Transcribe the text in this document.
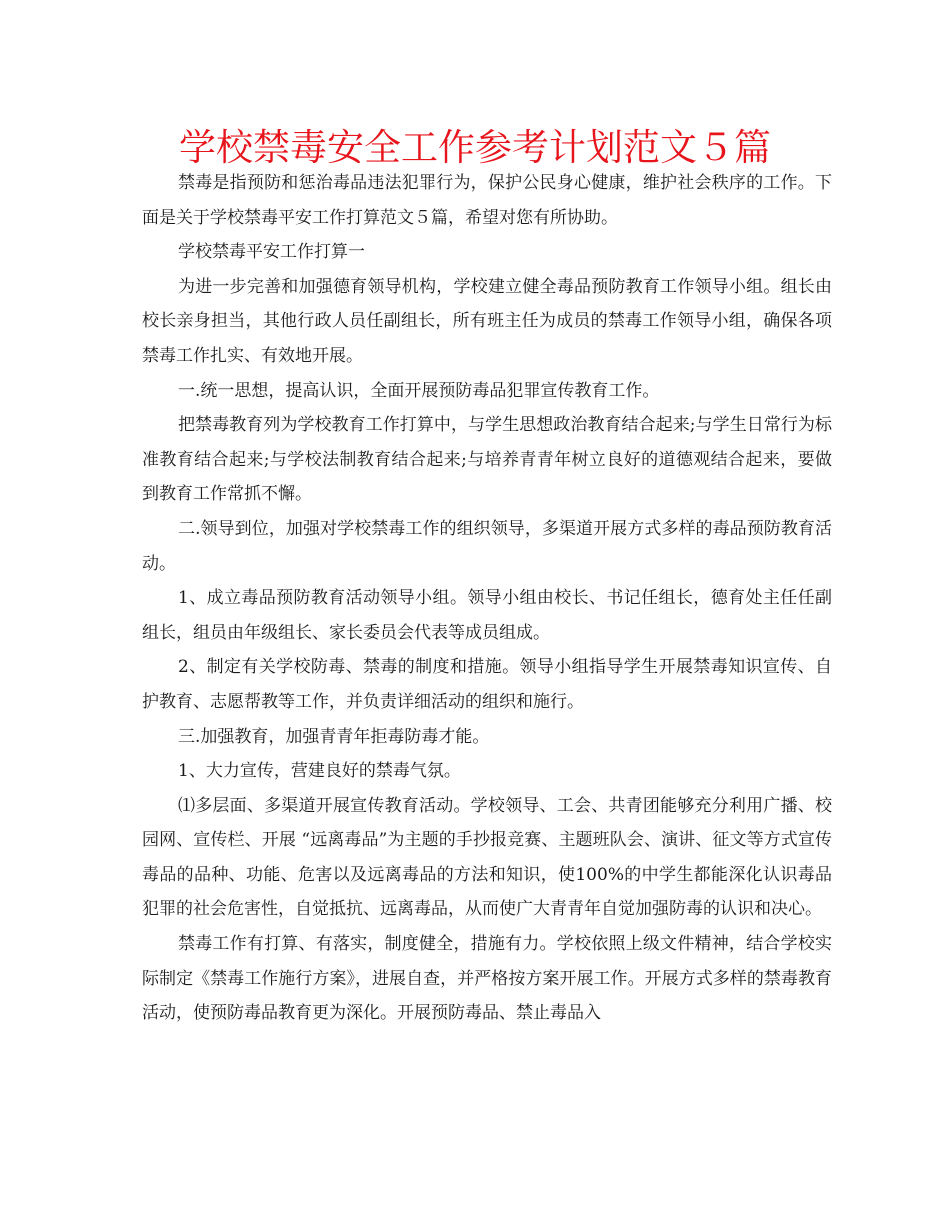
学校禁毒安全工作参考计划范文５篇

禁毒是指预防和惩治毒品违法犯罪行为，保护公民身心健康，维护社会秩序的工作。下面是关于学校禁毒平安工作打算范文５篇，希望对您有所协助。

学校禁毒平安工作打算一

为进一步完善和加强德育领导机构，学校建立健全毒品预防教育工作领导小组。组长由校长亲身担当，其他行政人员任副组长，所有班主任为成员的禁毒工作领导小组，确保各项禁毒工作扎实、有效地开展。

一.统一思想，提高认识，全面开展预防毒品犯罪宣传教育工作。

把禁毒教育列为学校教育工作打算中，与学生思想政治教育结合起来;与学生日常行为标准教育结合起来;与学校法制教育结合起来;与培养青青年树立良好的道德观结合起来，要做到教育工作常抓不懈。

二.领导到位，加强对学校禁毒工作的组织领导，多渠道开展方式多样的毒品预防教育活动。

1、成立毒品预防教育活动领导小组。领导小组由校长、书记任组长，德育处主任任副组长，组员由年级组长、家长委员会代表等成员组成。

2、制定有关学校防毒、禁毒的制度和措施。领导小组指导学生开展禁毒知识宣传、自护教育、志愿帮教等工作，并负责详细活动的组织和施行。

三.加强教育，加强青青年拒毒防毒才能。

1、大力宣传，营建良好的禁毒气氛。

⑴多层面、多渠道开展宣传教育活动。学校领导、工会、共青团能够充分利用广播、校园网、宣传栏、开展 “远离毒品”为主题的手抄报竞赛、主题班队会、演讲、征文等方式宣传毒品的品种、功能、危害以及远离毒品的方法和知识，使100%的中学生都能深化认识毒品犯罪的社会危害性，自觉抵抗、远离毒品，从而使广大青青年自觉加强防毒的认识和决心。

禁毒工作有打算、有落实，制度健全，措施有力。学校依照上级文件精神，结合学校实际制定《禁毒工作施行方案》，进展自查，并严格按方案开展工作。开展方式多样的禁毒教育活动，使预防毒品教育更为深化。开展预防毒品、禁止毒品入
